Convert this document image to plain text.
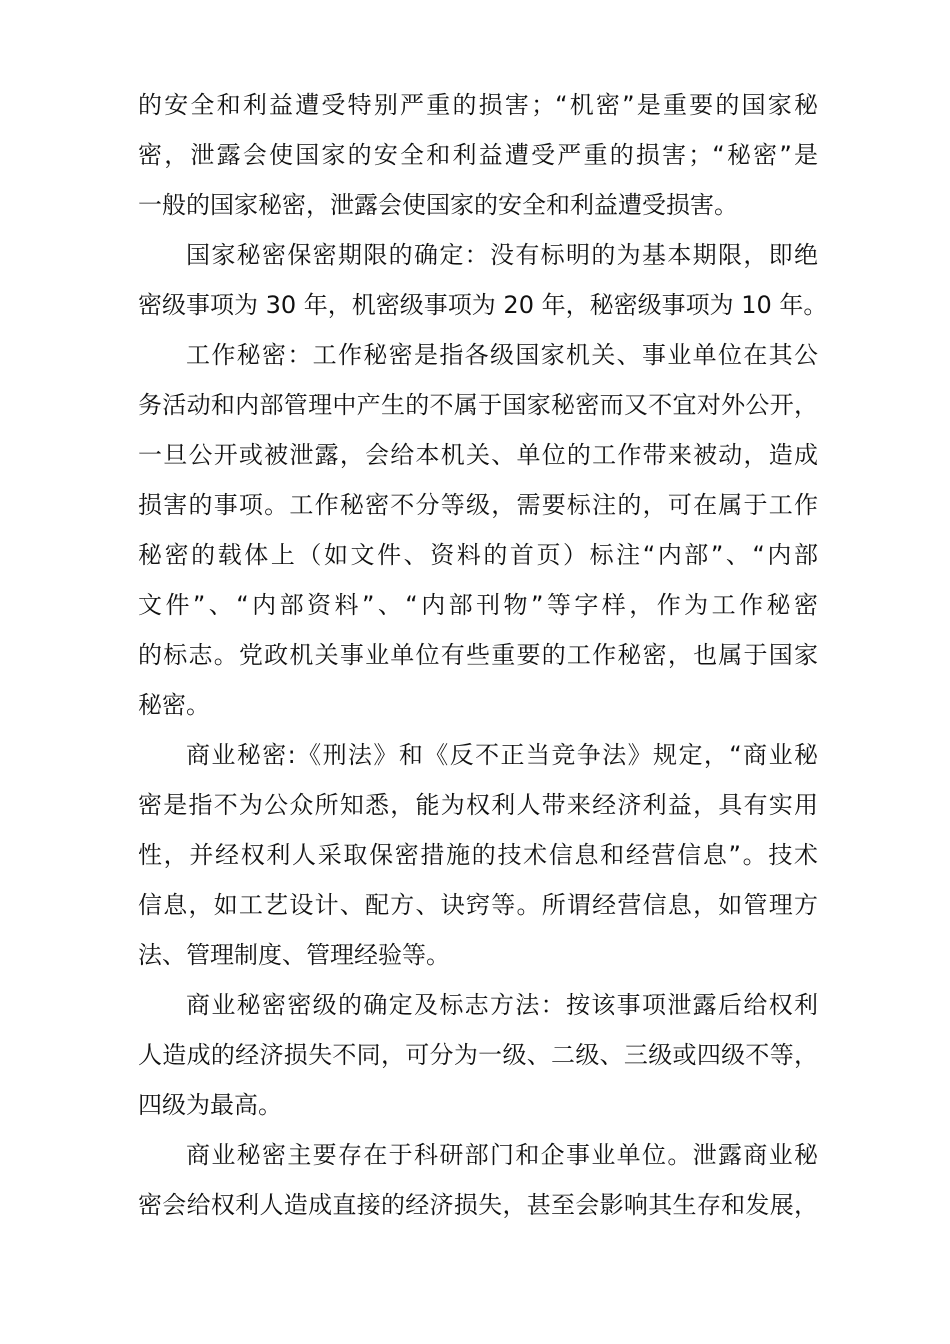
的安全和利益遭受特别严重的损害；“机密”是重要的国家秘
密，泄露会使国家的安全和利益遭受严重的损害；“秘密”是
一般的国家秘密，泄露会使国家的安全和利益遭受损害。
国家秘密保密期限的确定：没有标明的为基本期限，即绝
密级事项为 30 年，机密级事项为 20 年，秘密级事项为 10 年。
工作秘密：工作秘密是指各级国家机关、事业单位在其公
务活动和内部管理中产生的不属于国家秘密而又不宜对外公开，
一旦公开或被泄露，会给本机关、单位的工作带来被动，造成
损害的事项。工作秘密不分等级，需要标注的，可在属于工作
秘密的载体上（如文件、资料的首页）标注“内部”、“内部
文件”、“内部资料”、“内部刊物”等字样，作为工作秘密
的标志。党政机关事业单位有些重要的工作秘密，也属于国家
秘密。
商业秘密:《刑法》和《反不正当竞争法》规定，“商业秘
密是指不为公众所知悉，能为权利人带来经济利益，具有实用
性，并经权利人采取保密措施的技术信息和经营信息”。技术
信息，如工艺设计、配方、诀窍等。所谓经营信息，如管理方
法、管理制度、管理经验等。
商业秘密密级的确定及标志方法：按该事项泄露后给权利
人造成的经济损失不同，可分为一级、二级、三级或四级不等，
四级为最高。
商业秘密主要存在于科研部门和企事业单位。泄露商业秘
密会给权利人造成直接的经济损失，甚至会影响其生存和发展，
